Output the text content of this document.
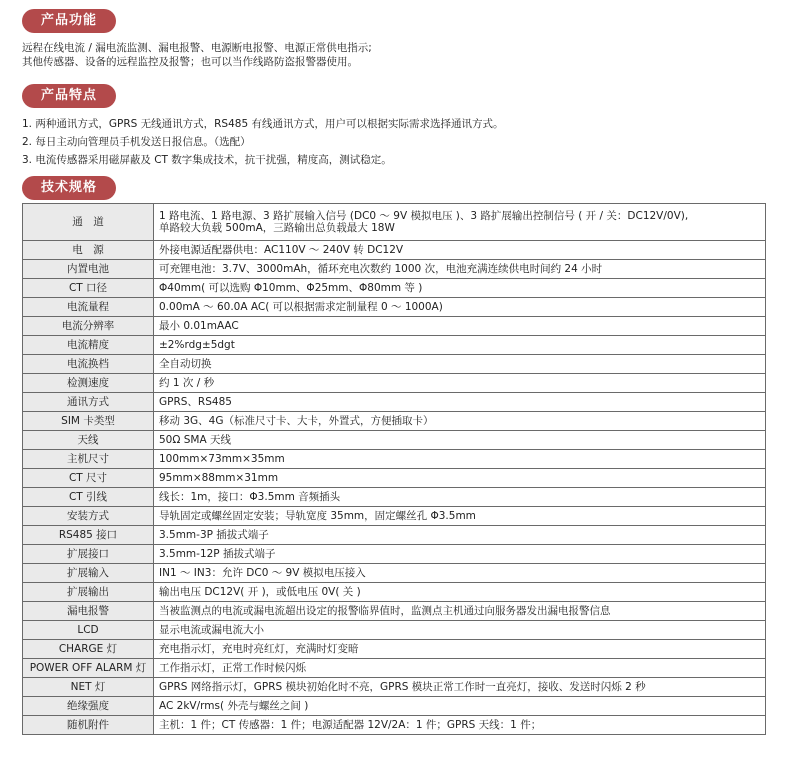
产品功能
远程在线电流 / 漏电流监测、漏电报警、电源断电报警、电源正常供电指示;
其他传感器、设备的远程监控及报警；也可以当作线路防盗报警器使用。
产品特点
1. 两种通讯方式，GPRS 无线通讯方式，RS485 有线通讯方式，用户可以根据实际需求选择通讯方式。
2. 每日主动向管理员手机发送日报信息。（选配）
3. 电流传感器采用磁屏蔽及 CT 数字集成技术，抗干扰强，精度高，测试稳定。
技术规格
通　道	1 路电流、1 路电源、3 路扩展输入信号 (DC0 ～ 9V 模拟电压 )、3 路扩展输出控制信号 ( 开 / 关：DC12V/0V),
单路较大负载 500mA，三路输出总负载最大 18W

电　源	外接电源适配器供电：AC110V ～ 240V 转 DC12V
内置电池	可充锂电池：3.7V、3000mAh，循环充电次数约 1000 次，电池充满连续供电时间约 24 小时
CT 口径	Φ40mm( 可以选购 Φ10mm、Φ25mm、Φ80mm 等 )
电流量程	0.00mA ～ 60.0A AC( 可以根据需求定制量程 0 ～ 1000A)
电流分辨率	最小 0.01mAAC
电流精度	±2%rdg±5dgt
电流换档	全自动切换
检测速度	约 1 次 / 秒
通讯方式	GPRS、RS485
SIM 卡类型	移动 3G、4G（标准尺寸卡、大卡，外置式，方便插取卡）
天线	50Ω SMA 天线
主机尺寸	100mm×73mm×35mm
CT 尺寸	95mm×88mm×31mm
CT 引线	线长：1m，接口：Φ3.5mm 音频插头
安装方式	导轨固定或螺丝固定安装；导轨宽度 35mm，固定螺丝孔 Φ3.5mm
RS485 接口	3.5mm-3P 插拔式端子
扩展接口	3.5mm-12P 插拔式端子
扩展输入	IN1 ～ IN3：允许 DC0 ～ 9V 模拟电压接入
扩展输出	输出电压 DC12V( 开 )，或低电压 0V( 关 )
漏电报警	当被监测点的电流或漏电流超出设定的报警临界值时，监测点主机通过向服务器发出漏电报警信息
LCD	显示电流或漏电流大小
CHARGE 灯	充电指示灯，充电时亮红灯，充满时灯变暗
POWER OFF ALARM 灯	工作指示灯，正常工作时候闪烁
NET 灯	GPRS 网络指示灯，GPRS 模块初始化时不亮，GPRS 模块正常工作时一直亮灯，接收、发送时闪烁 2 秒
绝缘强度	AC 2kV/rms( 外壳与螺丝之间 )
随机附件	主机：1 件；CT 传感器：1 件；电源适配器 12V/2A：1 件；GPRS 天线：1 件；
